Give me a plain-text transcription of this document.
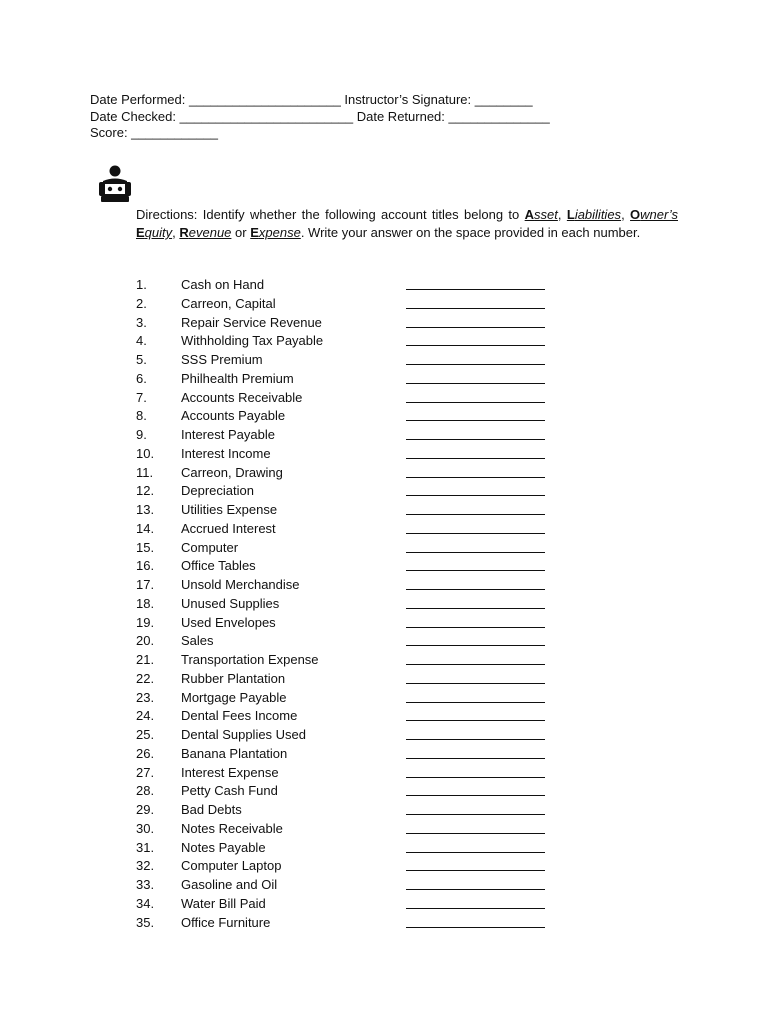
Date Performed: _____________________ Instructor’s Signature: ________
Date Checked: ________________________ Date Returned: ______________
Score: ____________
Directions: Identify whether the following account titles belong to Asset, Liabilities, Owner’s Equity, Revenue or Expense. Write your answer on the space provided in each number.
1.	Cash on Hand
2.	Carreon, Capital
3.	Repair Service Revenue
4.	Withholding Tax Payable
5.	SSS Premium
6.	Philhealth Premium
7.	Accounts Receivable
8.	Accounts Payable
9.	Interest Payable
10. Interest Income
11. Carreon, Drawing
12. Depreciation
13. Utilities Expense
14. Accrued Interest
15. Computer
16. Office Tables
17. Unsold Merchandise
18. Unused Supplies
19. Used Envelopes
20. Sales
21. Transportation Expense
22. Rubber Plantation
23. Mortgage Payable
24. Dental Fees Income
25. Dental Supplies Used
26. Banana Plantation
27. Interest Expense
28. Petty Cash Fund
29. Bad Debts
30. Notes Receivable
31. Notes Payable
32. Computer Laptop
33. Gasoline and Oil
34. Water Bill Paid
35. Office Furniture
